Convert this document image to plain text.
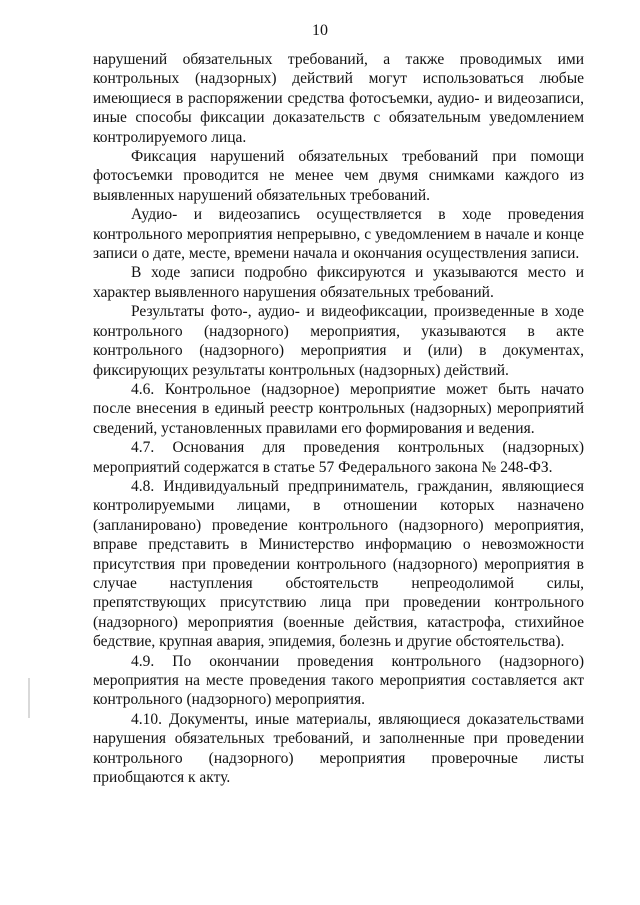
10

нарушений обязательных требований, а также проводимых ими контрольных (надзорных) действий могут использоваться любые имеющиеся в распоряжении средства фотосъемки, аудио- и видеозаписи, иные способы фиксации доказательств с обязательным уведомлением контролируемого лица.

Фиксация нарушений обязательных требований при помощи фотосъемки проводится не менее чем двумя снимками каждого из выявленных нарушений обязательных требований.

Аудио- и видеозапись осуществляется в ходе проведения контрольного мероприятия непрерывно, с уведомлением в начале и конце записи о дате, месте, времени начала и окончания осуществления записи.

В ходе записи подробно фиксируются и указываются место и характер выявленного нарушения обязательных требований.

Результаты фото-, аудио- и видеофиксации, произведенные в ходе контрольного (надзорного) мероприятия, указываются в акте контрольного (надзорного) мероприятия и (или) в документах, фиксирующих результаты контрольных (надзорных) действий.

4.6. Контрольное (надзорное) мероприятие может быть начато после внесения в единый реестр контрольных (надзорных) мероприятий сведений, установленных правилами его формирования и ведения.

4.7. Основания для проведения контрольных (надзорных) мероприятий содержатся в статье 57 Федерального закона № 248-ФЗ.

4.8. Индивидуальный предприниматель, гражданин, являющиеся контролируемыми лицами, в отношении которых назначено (запланировано) проведение контрольного (надзорного) мероприятия, вправе представить в Министерство информацию о невозможности присутствия при проведении контрольного (надзорного) мероприятия в случае наступления обстоятельств непреодолимой силы, препятствующих присутствию лица при проведении контрольного (надзорного) мероприятия (военные действия, катастрофа, стихийное бедствие, крупная авария, эпидемия, болезнь и другие обстоятельства).

4.9. По окончании проведения контрольного (надзорного) мероприятия на месте проведения такого мероприятия составляется акт контрольного (надзорного) мероприятия.

4.10. Документы, иные материалы, являющиеся доказательствами нарушения обязательных требований, и заполненные при проведении контрольного (надзорного) мероприятия проверочные листы приобщаются к акту.
